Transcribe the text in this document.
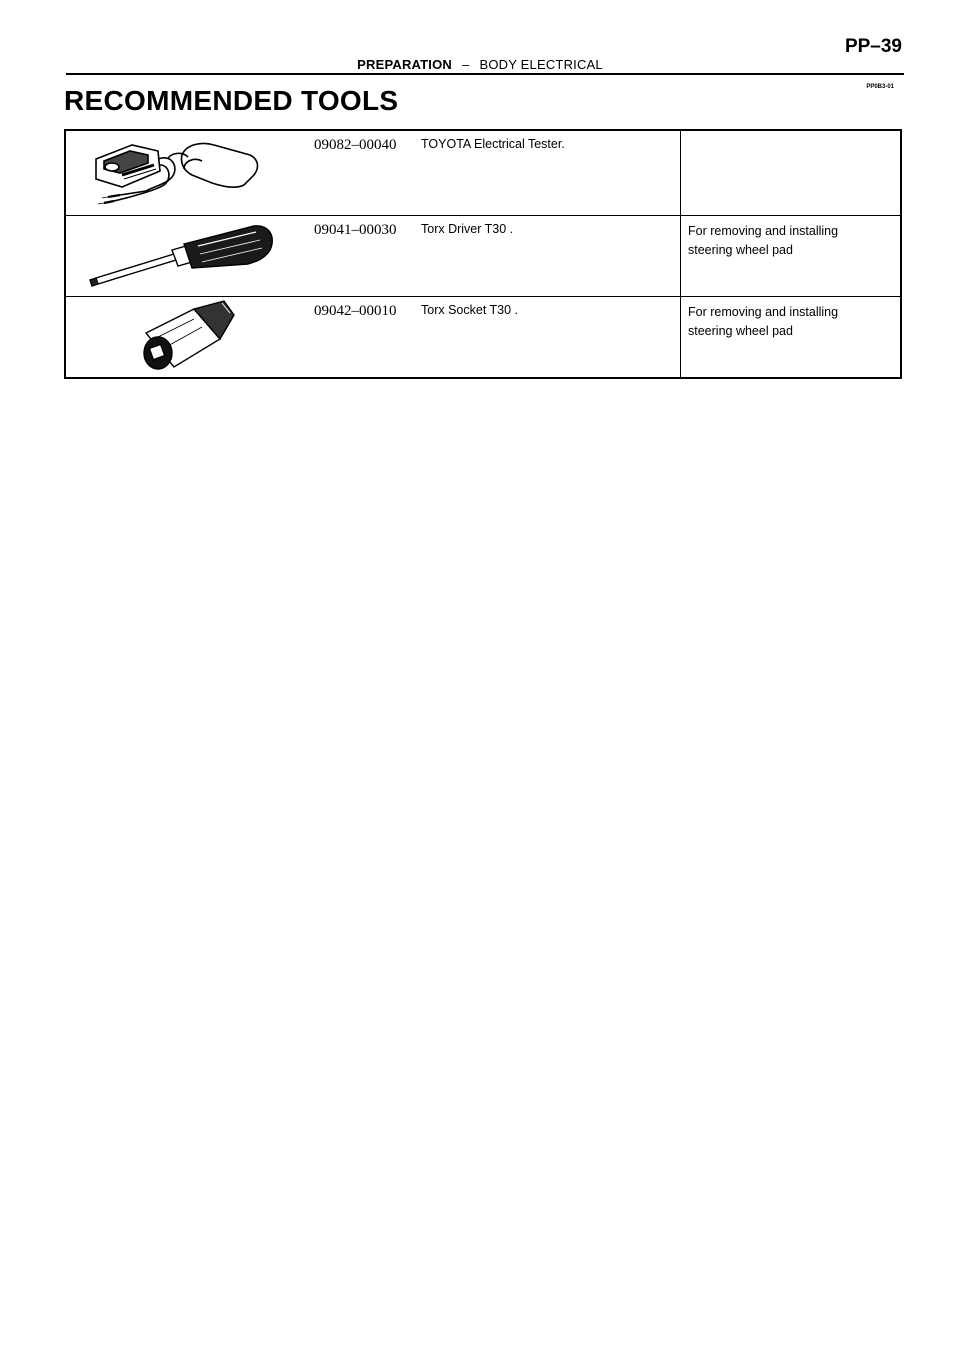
PP–39
PREPARATION – BODY ELECTRICAL
RECOMMENDED TOOLS	PP0B3-01
09082–00040 TOYOTA Electrical Tester.
09041–00030 Torx Driver T30 .	For removing and installing
steering wheel pad
09042–00010 Torx Socket T30 .	For removing and installing
steering wheel pad
